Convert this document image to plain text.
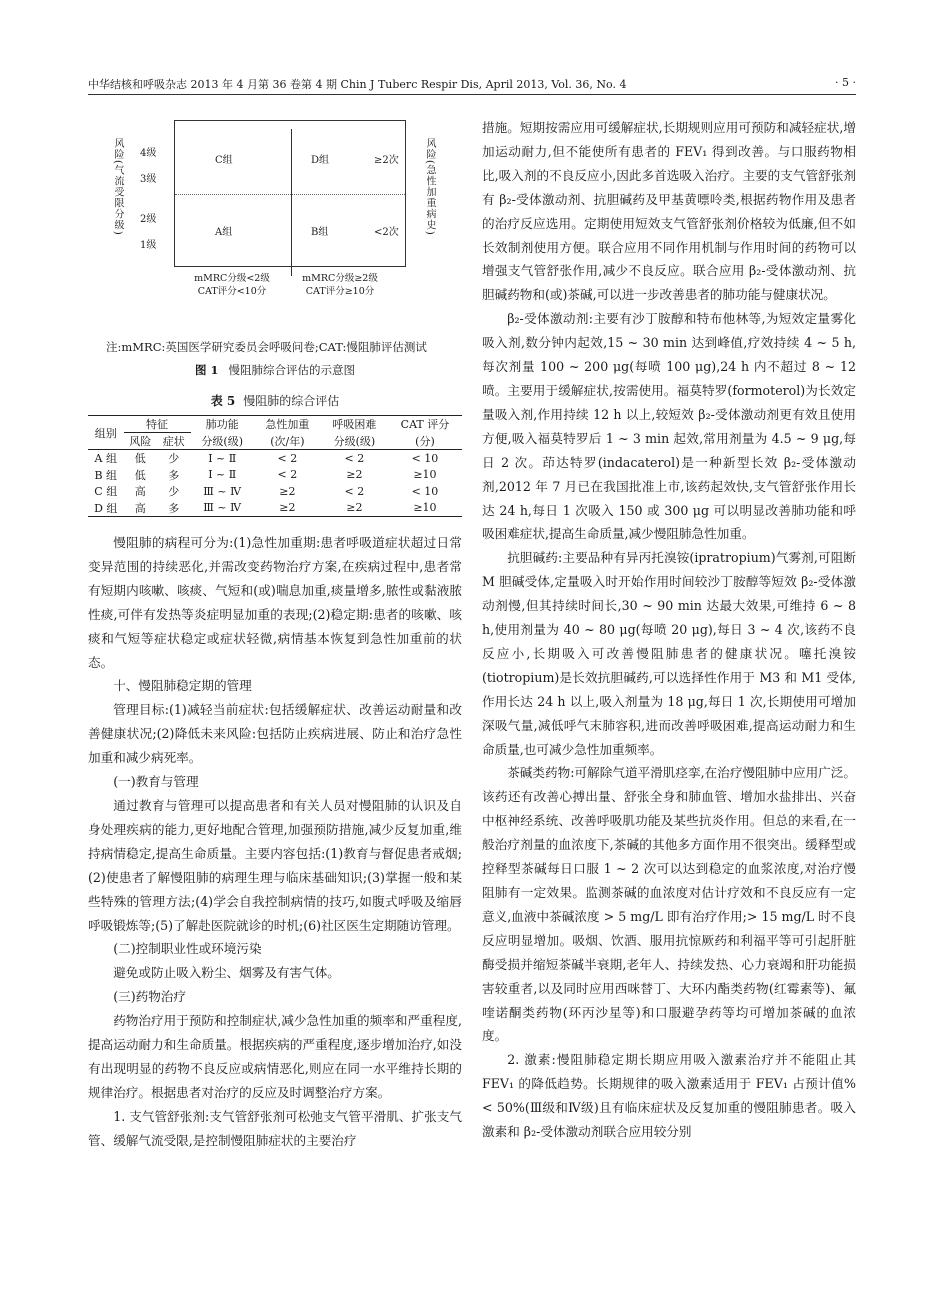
中华结核和呼吸杂志 2013 年 4 月第 36 卷第 4 期 Chin J Tuberc Respir Dis, April 2013, Vol. 36, No. 4	· 5 ·
风险(气流受限分级) 4级
3级
2级
1级
C组	D组
A组	B组
≥2次
<2次	风险(急性加重病史)
mMRC分级<2级
CAT评分<10分
mMRC分级≥2级
CAT评分≥10分

注:mMRC:英国医学研究委员会呼吸问卷;CAT:慢阻肺评估测试

图 1 慢阻肺综合评估的示意图

表 5 慢阻肺的综合评估

组别	特征		肺功能	急性加重	呼吸困难	CAT 评分
	风险	症状	分级(级)	(次/年)	分级(级)	(分)
A 组	低	少	Ⅰ ~ Ⅱ	< 2	< 2	< 10
B 组	低	多	Ⅰ ~ Ⅱ	< 2	≥2	≥10
C 组	高	少	Ⅲ ~ Ⅳ	≥2	< 2	< 10
D 组	高	多	Ⅲ ~ Ⅳ	≥2	≥2	≥10

慢阻肺的病程可分为:(1)急性加重期:患者呼吸道症状超过日常变异范围的持续恶化,并需改变药物治疗方案,在疾病过程中,患者常有短期内咳嗽、咳痰、气短和(或)喘息加重,痰量增多,脓性或黏液脓性痰,可伴有发热等炎症明显加重的表现;(2)稳定期:患者的咳嗽、咳痰和气短等症状稳定或症状轻微,病情基本恢复到急性加重前的状态。

十、慢阻肺稳定期的管理

管理目标:(1)减轻当前症状:包括缓解症状、改善运动耐量和改善健康状况;(2)降低未来风险:包括防止疾病进展、防止和治疗急性加重和减少病死率。

(一)教育与管理

通过教育与管理可以提高患者和有关人员对慢阻肺的认识及自身处理疾病的能力,更好地配合管理,加强预防措施,减少反复加重,维持病情稳定,提高生命质量。主要内容包括:(1)教育与督促患者戒烟;(2)使患者了解慢阻肺的病理生理与临床基础知识;(3)掌握一般和某些特殊的管理方法;(4)学会自我控制病情的技巧,如腹式呼吸及缩唇呼吸锻炼等;(5)了解赴医院就诊的时机;(6)社区医生定期随访管理。

(二)控制职业性或环境污染

避免或防止吸入粉尘、烟雾及有害气体。

(三)药物治疗

药物治疗用于预防和控制症状,减少急性加重的频率和严重程度,提高运动耐力和生命质量。根据疾病的严重程度,逐步增加治疗,如没有出现明显的药物不良反应或病情恶化,则应在同一水平维持长期的规律治疗。根据患者对治疗的反应及时调整治疗方案。

1. 支气管舒张剂:支气管舒张剂可松弛支气管平滑肌、扩张支气管、缓解气流受限,是控制慢阻肺症状的主要治疗

措施。短期按需应用可缓解症状,长期规则应用可预防和减轻症状,增加运动耐力,但不能使所有患者的 FEV₁ 得到改善。与口服药物相比,吸入剂的不良反应小,因此多首选吸入治疗。主要的支气管舒张剂有 β₂-受体激动剂、抗胆碱药及甲基黄嘌呤类,根据药物作用及患者的治疗反应选用。定期使用短效支气管舒张剂价格较为低廉,但不如长效制剂使用方便。联合应用不同作用机制与作用时间的药物可以增强支气管舒张作用,减少不良反应。联合应用 β₂-受体激动剂、抗胆碱药物和(或)茶碱,可以进一步改善患者的肺功能与健康状况。

β₂-受体激动剂:主要有沙丁胺醇和特布他林等,为短效定量雾化吸入剂,数分钟内起效,15 ~ 30 min 达到峰值,疗效持续 4 ~ 5 h,每次剂量 100 ~ 200 μg(每喷 100 μg),24 h 内不超过 8 ~ 12 喷。主要用于缓解症状,按需使用。福莫特罗(formoterol)为长效定量吸入剂,作用持续 12 h 以上,较短效 β₂-受体激动剂更有效且使用方便,吸入福莫特罗后 1 ~ 3 min 起效,常用剂量为 4.5 ~ 9 μg,每日 2 次。茚达特罗(indacaterol)是一种新型长效 β₂-受体激动剂,2012 年 7 月已在我国批准上市,该药起效快,支气管舒张作用长达 24 h,每日 1 次吸入 150 或 300 μg 可以明显改善肺功能和呼吸困难症状,提高生命质量,减少慢阻肺急性加重。

抗胆碱药:主要品种有异丙托溴铵(ipratropium)气雾剂,可阻断 M 胆碱受体,定量吸入时开始作用时间较沙丁胺醇等短效 β₂-受体激动剂慢,但其持续时间长,30 ~ 90 min 达最大效果,可维持 6 ~ 8 h,使用剂量为 40 ~ 80 μg(每喷 20 μg),每日 3 ~ 4 次,该药不良反应小,长期吸入可改善慢阻肺患者的健康状况。噻托溴铵(tiotropium)是长效抗胆碱药,可以选择性作用于 M3 和 M1 受体,作用长达 24 h 以上,吸入剂量为 18 μg,每日 1 次,长期使用可增加深吸气量,减低呼气末肺容积,进而改善呼吸困难,提高运动耐力和生命质量,也可减少急性加重频率。

茶碱类药物:可解除气道平滑肌痉挛,在治疗慢阻肺中应用广泛。该药还有改善心搏出量、舒张全身和肺血管、增加水盐排出、兴奋中枢神经系统、改善呼吸肌功能及某些抗炎作用。但总的来看,在一般治疗剂量的血浓度下,茶碱的其他多方面作用不很突出。缓释型或控释型茶碱每日口服 1 ~ 2 次可以达到稳定的血浆浓度,对治疗慢阻肺有一定效果。监测茶碱的血浓度对估计疗效和不良反应有一定意义,血液中茶碱浓度 > 5 mg/L 即有治疗作用;> 15 mg/L 时不良反应明显增加。吸烟、饮酒、服用抗惊厥药和利福平等可引起肝脏酶受损并缩短茶碱半衰期,老年人、持续发热、心力衰竭和肝功能损害较重者,以及同时应用西咪替丁、大环内酯类药物(红霉素等)、氟喹诺酮类药物(环丙沙星等)和口服避孕药等均可增加茶碱的血浓度。

2. 激素:慢阻肺稳定期长期应用吸入激素治疗并不能阻止其 FEV₁ 的降低趋势。长期规律的吸入激素适用于 FEV₁ 占预计值% < 50%(Ⅲ级和Ⅳ级)且有临床症状及反复加重的慢阻肺患者。吸入激素和 β₂-受体激动剂联合应用较分别
